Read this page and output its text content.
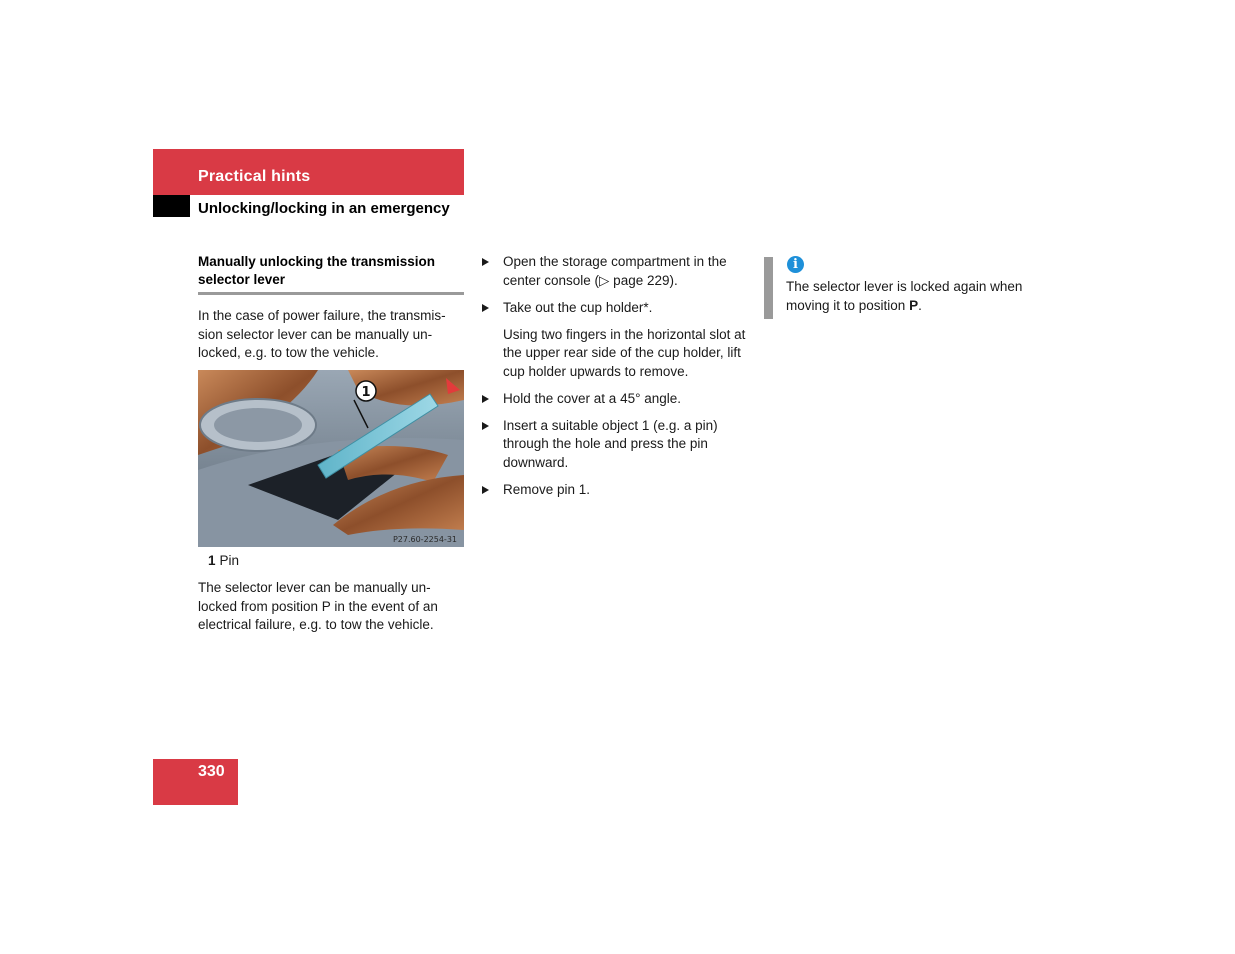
Practical hints
Unlocking/locking in an emergency
Manually unlocking the transmission selector lever
In the case of power failure, the transmis-sion selector lever can be manually un-locked, e.g. to tow the vehicle.
1
P27.60-2254-31
1 Pin
The selector lever can be manually un-locked from position P in the event of an electrical failure, e.g. to tow the vehicle.
Open the storage compartment in the center console (▷ page 229).
Take out the cup holder*.
Using two fingers in the horizontal slot at the upper rear side of the cup holder, lift cup holder upwards to remove.
Hold the cover at a 45° angle.
Insert a suitable object 1 (e.g. a pin) through the hole and press the pin downward.
Remove pin 1.
i
The selector lever is locked again when moving it to position P.
330
